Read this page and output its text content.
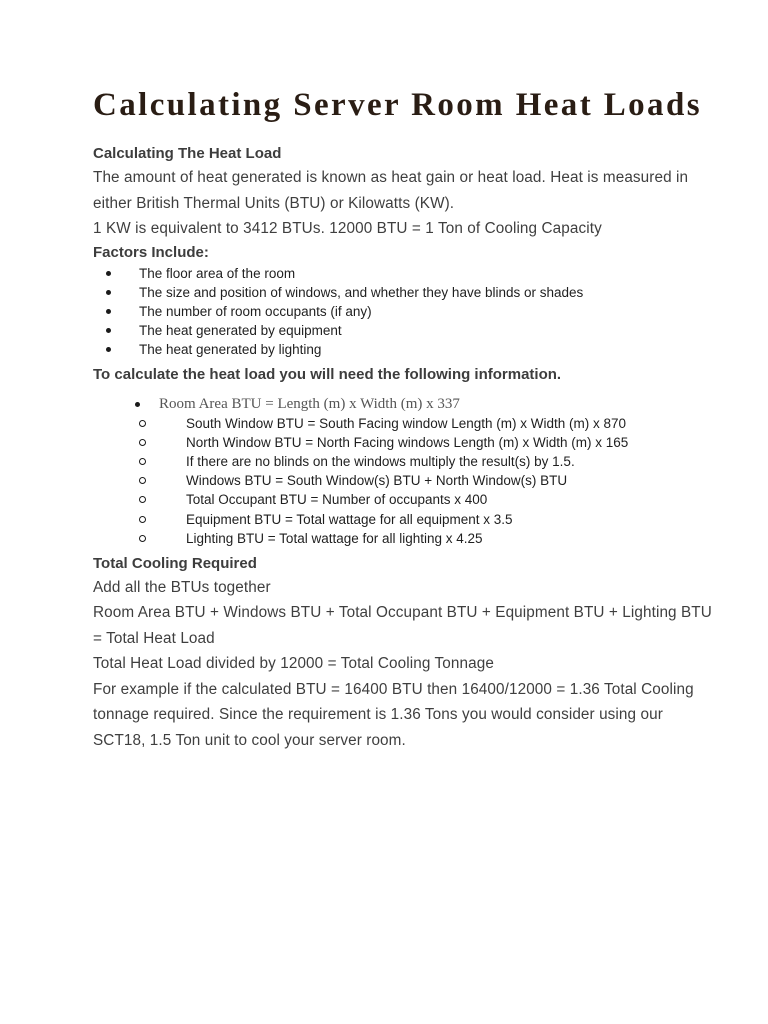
Calculating Server Room Heat Loads

Calculating The Heat Load

The amount of heat generated is known as heat gain or heat load. Heat is measured in either British Thermal Units (BTU) or Kilowatts (KW).

1 KW is equivalent to 3412 BTUs. 12000 BTU = 1 Ton of Cooling Capacity

Factors Include:

The floor area of the room
The size and position of windows, and whether they have blinds or shades
The number of room occupants (if any)
The heat generated by equipment
The heat generated by lighting

To calculate the heat load you will need the following information.

Room Area BTU = Length (m) x Width (m) x 337
South Window BTU = South Facing window Length (m) x Width (m) x 870
North Window BTU = North Facing windows Length (m) x Width (m) x 165
If there are no blinds on the windows multiply the result(s) by 1.5.
Windows BTU = South Window(s) BTU + North Window(s) BTU
Total Occupant BTU = Number of occupants x 400
Equipment BTU = Total wattage for all equipment x 3.5
Lighting BTU = Total wattage for all lighting x 4.25

Total Cooling Required

Add all the BTUs together

Room Area BTU + Windows BTU + Total Occupant BTU + Equipment BTU + Lighting BTU = Total Heat Load

Total Heat Load divided by 12000 = Total Cooling Tonnage

For example if the calculated BTU = 16400 BTU then 16400/12000 = 1.36 Total Cooling tonnage required. Since the requirement is 1.36 Tons you would consider using our SCT18, 1.5 Ton unit to cool your server room.
